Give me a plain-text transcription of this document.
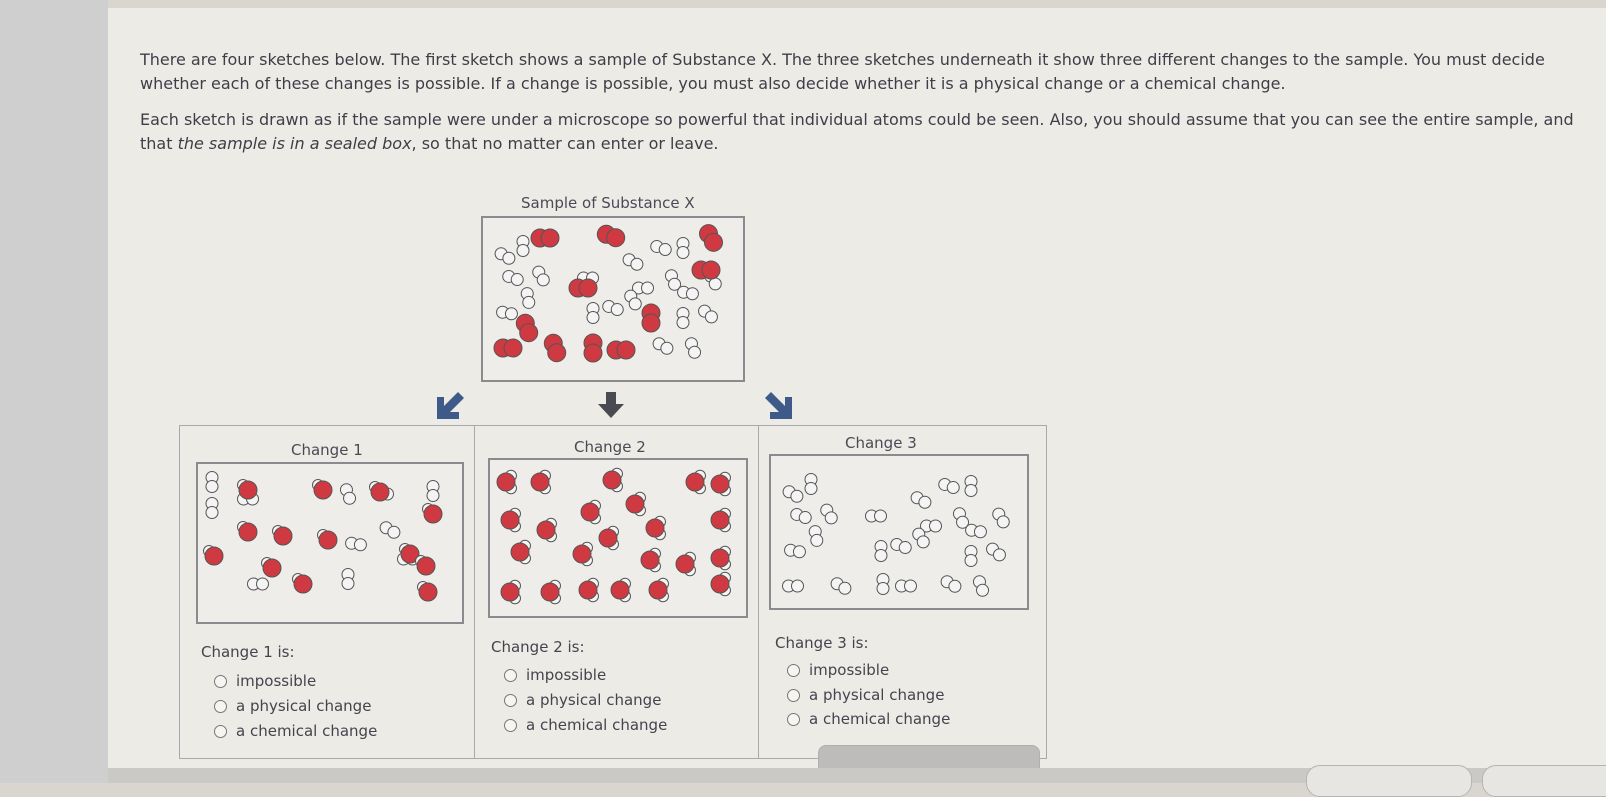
There are four sketches below. The first sketch shows a sample of Substance X. The three sketches underneath it show three different changes to the sample. You must decide whether each of these changes is possible. If a change is possible, you must also decide whether it is a physical change or a chemical change.

Each sketch is drawn as if the sample were under a microscope so powerful that individual atoms could be seen. Also, you should assume that you can see the entire sample, and that the sample is in a sealed box, so that no matter can enter or leave.

Sample of Substance X
Change 1
Change 1 is:
impossible
a physical change
a chemical change
Change 2
Change 2 is:
impossible
a physical change
a chemical change
Change 3
Change 3 is:
impossible
a physical change
a chemical change
